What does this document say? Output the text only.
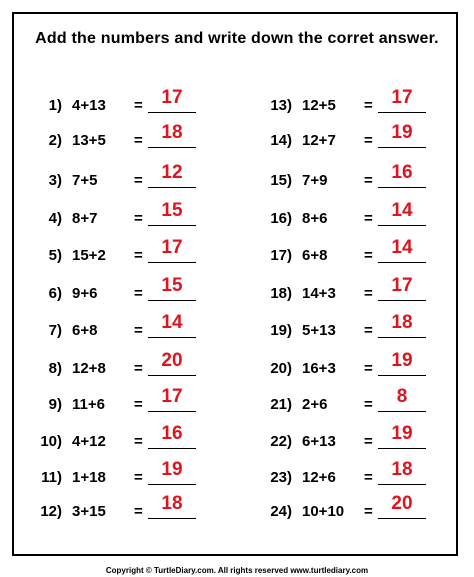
Add the numbers and write down the corret answer.
1) 4+13 = 17
2) 13+5 = 18
3) 7+5 = 12
4) 8+7 = 15
5) 15+2 = 17
6) 9+6 = 15
7) 6+8 = 14
8) 12+8 = 20
9) 11+6 = 17
10) 4+12 = 16
11) 1+18 = 19
12) 3+15 = 18
13) 12+5 = 17
14) 12+7 = 19
15) 7+9 = 16
16) 8+6 = 14
17) 6+8 = 14
18) 14+3 = 17
19) 5+13 = 18
20) 16+3 = 19
21) 2+6 =	8
22) 6+13 = 19
23) 12+6 = 18
24) 10+10 = 20
Copyright © TurtleDiary.com. All rights reserved www.turtlediary.com
